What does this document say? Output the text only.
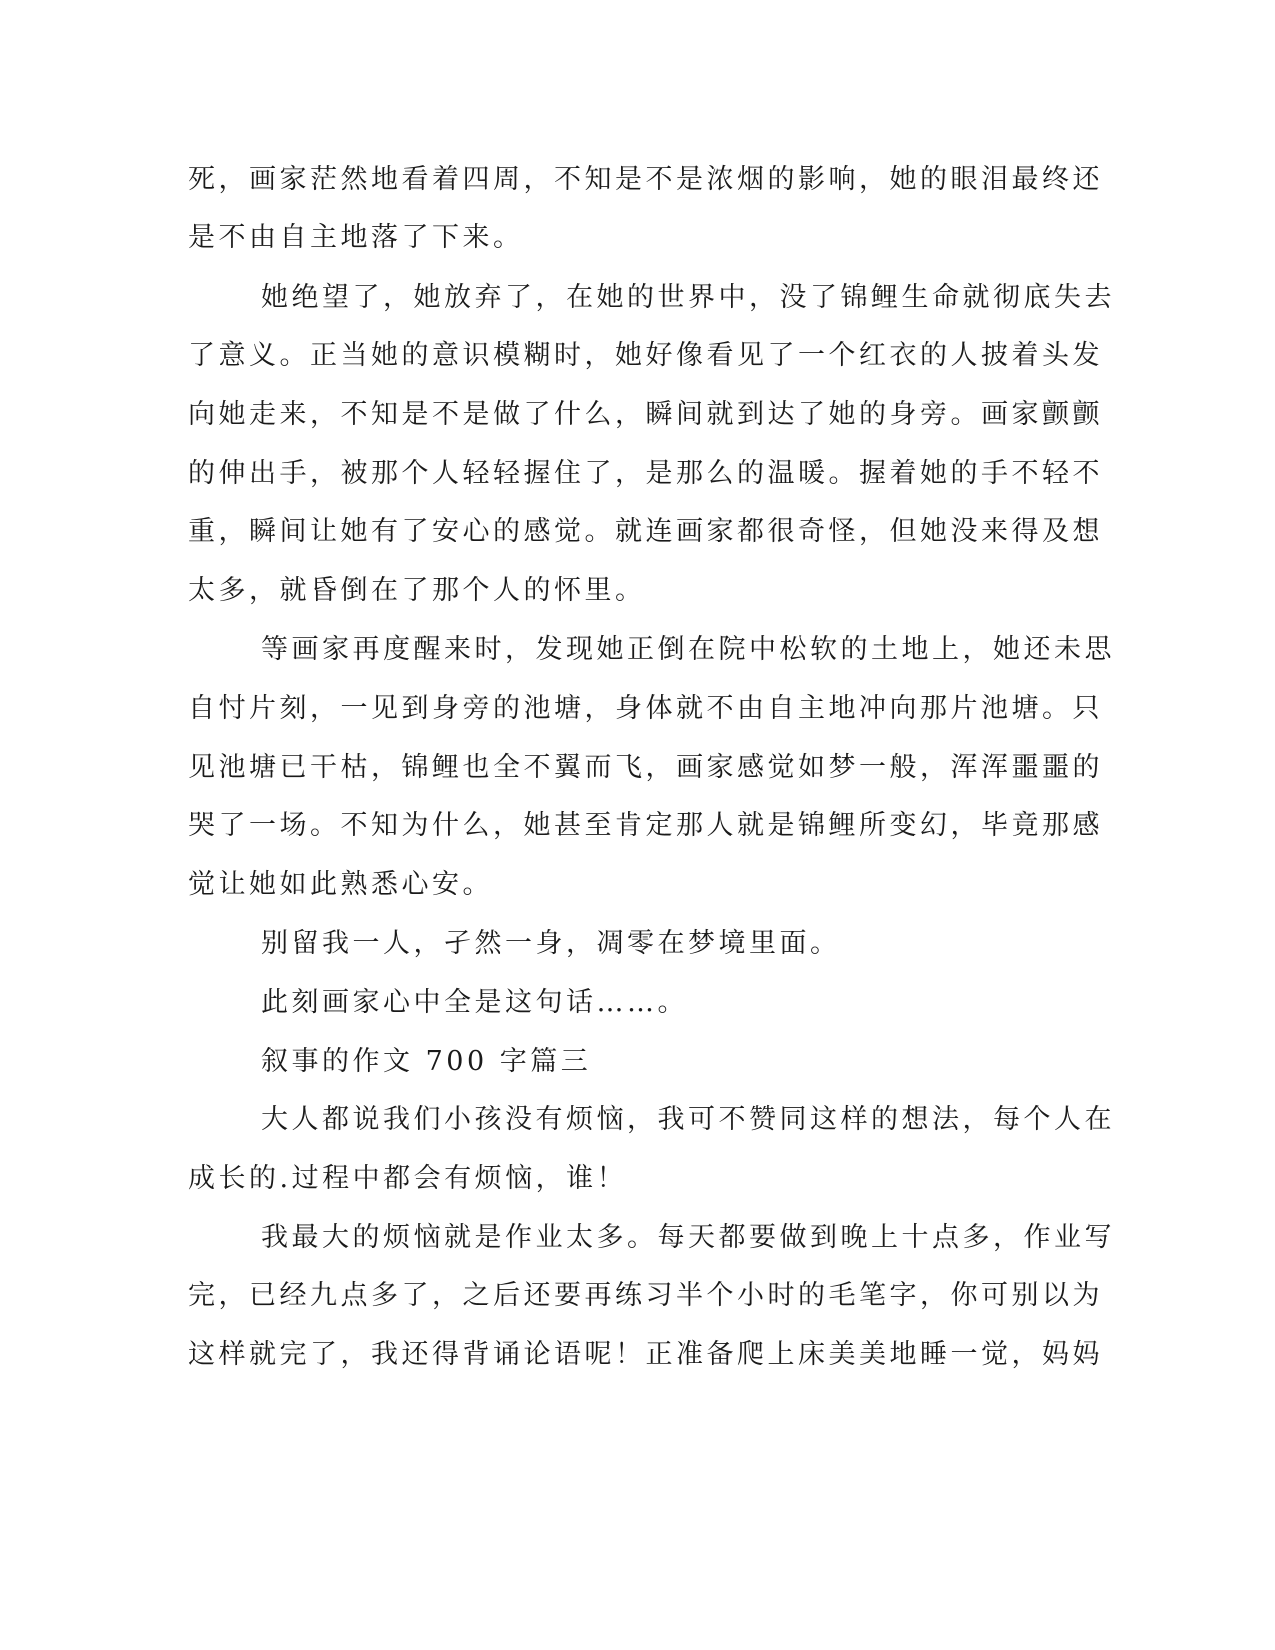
死，画家茫然地看着四周，不知是不是浓烟的影响，她的眼泪最终还
是不由自主地落了下来。
她绝望了，她放弃了，在她的世界中，没了锦鲤生命就彻底失去
了意义。正当她的意识模糊时，她好像看见了一个红衣的人披着头发
向她走来，不知是不是做了什么，瞬间就到达了她的身旁。画家颤颤
的伸出手，被那个人轻轻握住了，是那么的温暖。握着她的手不轻不
重，瞬间让她有了安心的感觉。就连画家都很奇怪，但她没来得及想
太多，就昏倒在了那个人的怀里。
等画家再度醒来时，发现她正倒在院中松软的土地上，她还未思
自忖片刻，一见到身旁的池塘，身体就不由自主地冲向那片池塘。只
见池塘已干枯，锦鲤也全不翼而飞，画家感觉如梦一般，浑浑噩噩的
哭了一场。不知为什么，她甚至肯定那人就是锦鲤所变幻，毕竟那感
觉让她如此熟悉心安。
别留我一人，孑然一身，凋零在梦境里面。
此刻画家心中全是这句话……。
叙事的作文 700 字篇三
大人都说我们小孩没有烦恼，我可不赞同这样的想法，每个人在
成长的.过程中都会有烦恼，谁！
我最大的烦恼就是作业太多。每天都要做到晚上十点多，作业写
完，已经九点多了，之后还要再练习半个小时的毛笔字，你可别以为
这样就完了，我还得背诵论语呢！正准备爬上床美美地睡一觉，妈妈
